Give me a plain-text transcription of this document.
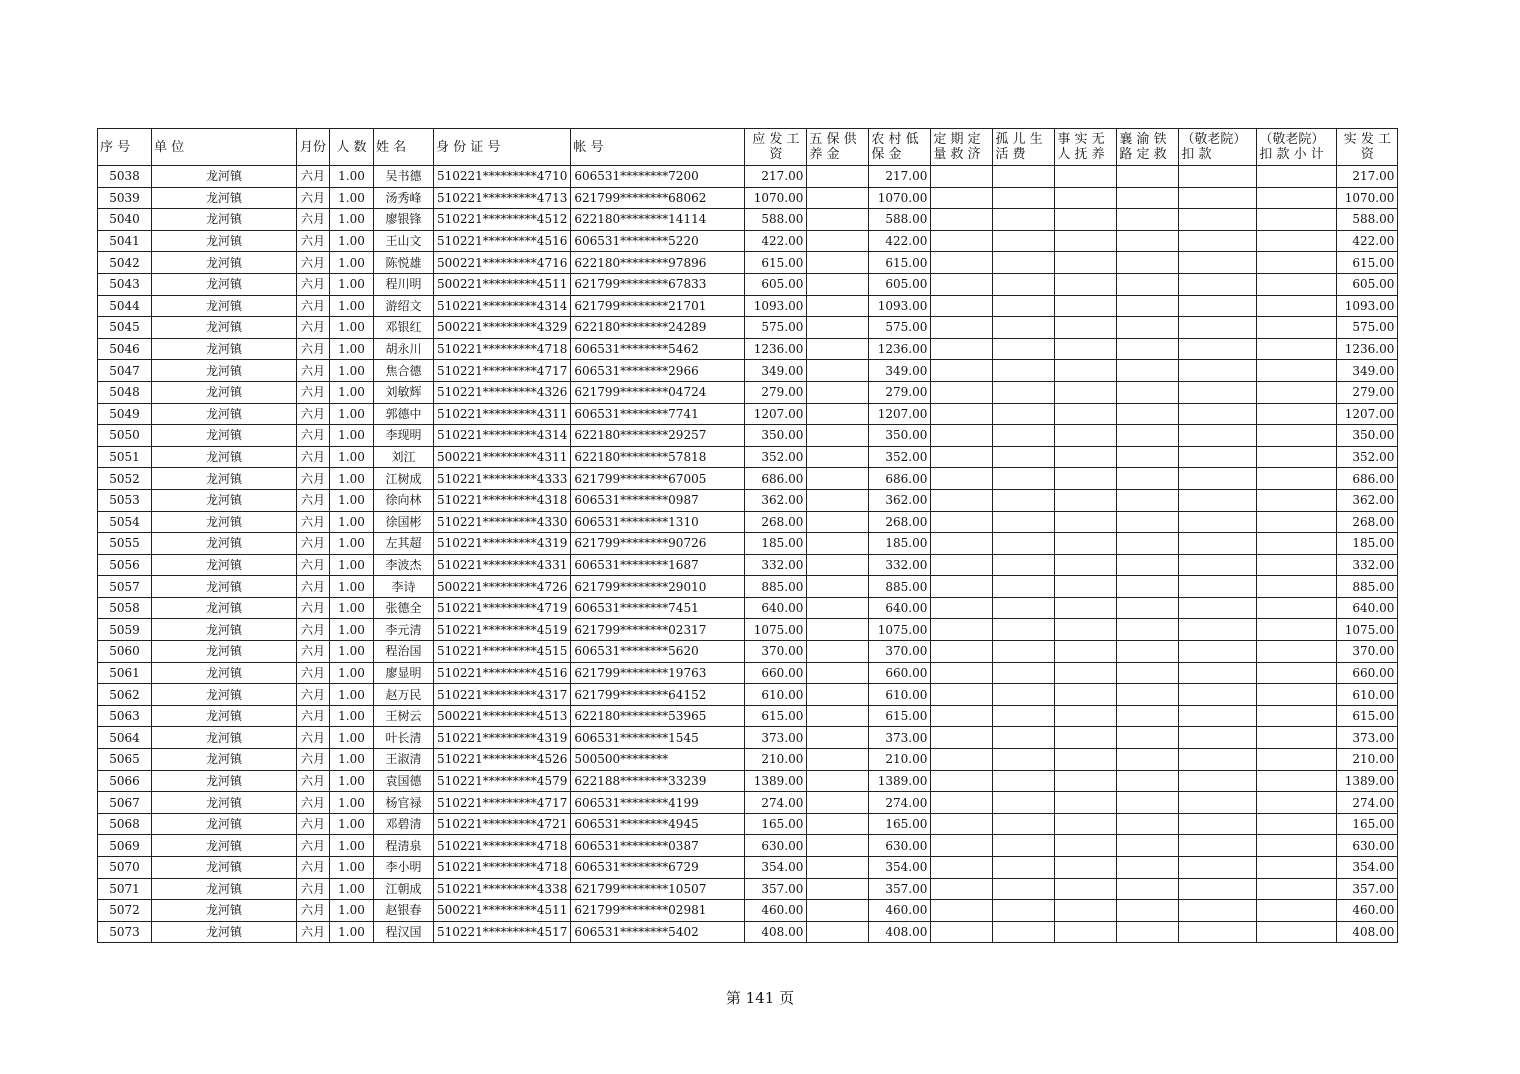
序 号	单 位	月份	人 数	姓 名	身 份 证 号	帐 号	应 发 工 资	五 保 供 养 金	农 村 低 保 金	定 期 定 量 救 济	孤 儿 生 活 费	事 实 无 人 抚 养	襄 渝 铁 路 定 救	（敬老院） 扣 款	（敬老院） 扣 款 小 计	实 发 工 资
5038	龙河镇	六月	1.00	吴书德	510221*********4710	606531********7200	217.00		217.00							217.00
5039	龙河镇	六月	1.00	汤秀峰	510221*********4713	621799********68062	1070.00		1070.00							1070.00
5040	龙河镇	六月	1.00	廖银锋	510221*********4512	622180********14114	588.00		588.00							588.00
5041	龙河镇	六月	1.00	王山文	510221*********4516	606531********5220	422.00		422.00							422.00
5042	龙河镇	六月	1.00	陈悦雄	500221*********4716	622180********97896	615.00		615.00							615.00
5043	龙河镇	六月	1.00	程川明	500221*********4511	621799********67833	605.00		605.00							605.00
5044	龙河镇	六月	1.00	游绍文	510221*********4314	621799********21701	1093.00		1093.00							1093.00
5045	龙河镇	六月	1.00	邓银红	500221*********4329	622180********24289	575.00		575.00							575.00
5046	龙河镇	六月	1.00	胡永川	510221*********4718	606531********5462	1236.00		1236.00							1236.00
5047	龙河镇	六月	1.00	焦合德	510221*********4717	606531********2966	349.00		349.00							349.00
5048	龙河镇	六月	1.00	刘敏辉	510221*********4326	621799********04724	279.00		279.00							279.00
5049	龙河镇	六月	1.00	郭德中	510221*********4311	606531********7741	1207.00		1207.00							1207.00
5050	龙河镇	六月	1.00	李现明	510221*********4314	622180********29257	350.00		350.00							350.00
5051	龙河镇	六月	1.00	刘江	500221*********4311	622180********57818	352.00		352.00							352.00
5052	龙河镇	六月	1.00	江树成	510221*********4333	621799********67005	686.00		686.00							686.00
5053	龙河镇	六月	1.00	徐向林	510221*********4318	606531********0987	362.00		362.00							362.00
5054	龙河镇	六月	1.00	徐国彬	510221*********4330	606531********1310	268.00		268.00							268.00
5055	龙河镇	六月	1.00	左其超	510221*********4319	621799********90726	185.00		185.00							185.00
5056	龙河镇	六月	1.00	李波杰	510221*********4331	606531********1687	332.00		332.00							332.00
5057	龙河镇	六月	1.00	李诗	500221*********4726	621799********29010	885.00		885.00							885.00
5058	龙河镇	六月	1.00	张德全	510221*********4719	606531********7451	640.00		640.00							640.00
5059	龙河镇	六月	1.00	李元清	510221*********4519	621799********02317	1075.00		1075.00							1075.00
5060	龙河镇	六月	1.00	程治国	510221*********4515	606531********5620	370.00		370.00							370.00
5061	龙河镇	六月	1.00	廖显明	510221*********4516	621799********19763	660.00		660.00							660.00
5062	龙河镇	六月	1.00	赵万民	510221*********4317	621799********64152	610.00		610.00							610.00
5063	龙河镇	六月	1.00	王树云	500221*********4513	622180********53965	615.00		615.00							615.00
5064	龙河镇	六月	1.00	叶长清	510221*********4319	606531********1545	373.00		373.00							373.00
5065	龙河镇	六月	1.00	王淑清	510221*********4526	500500********	210.00		210.00							210.00
5066	龙河镇	六月	1.00	袁国德	510221*********4579	622188********33239	1389.00		1389.00							1389.00
5067	龙河镇	六月	1.00	杨官禄	510221*********4717	606531********4199	274.00		274.00							274.00
5068	龙河镇	六月	1.00	邓碧清	510221*********4721	606531********4945	165.00		165.00							165.00
5069	龙河镇	六月	1.00	程清泉	510221*********4718	606531********0387	630.00		630.00							630.00
5070	龙河镇	六月	1.00	李小明	510221*********4718	606531********6729	354.00		354.00							354.00
5071	龙河镇	六月	1.00	江朝成	510221*********4338	621799********10507	357.00		357.00							357.00
5072	龙河镇	六月	1.00	赵银春	500221*********4511	621799********02981	460.00		460.00							460.00
5073	龙河镇	六月	1.00	程汉国	510221*********4517	606531********5402	408.00		408.00							408.00
第 141 页
